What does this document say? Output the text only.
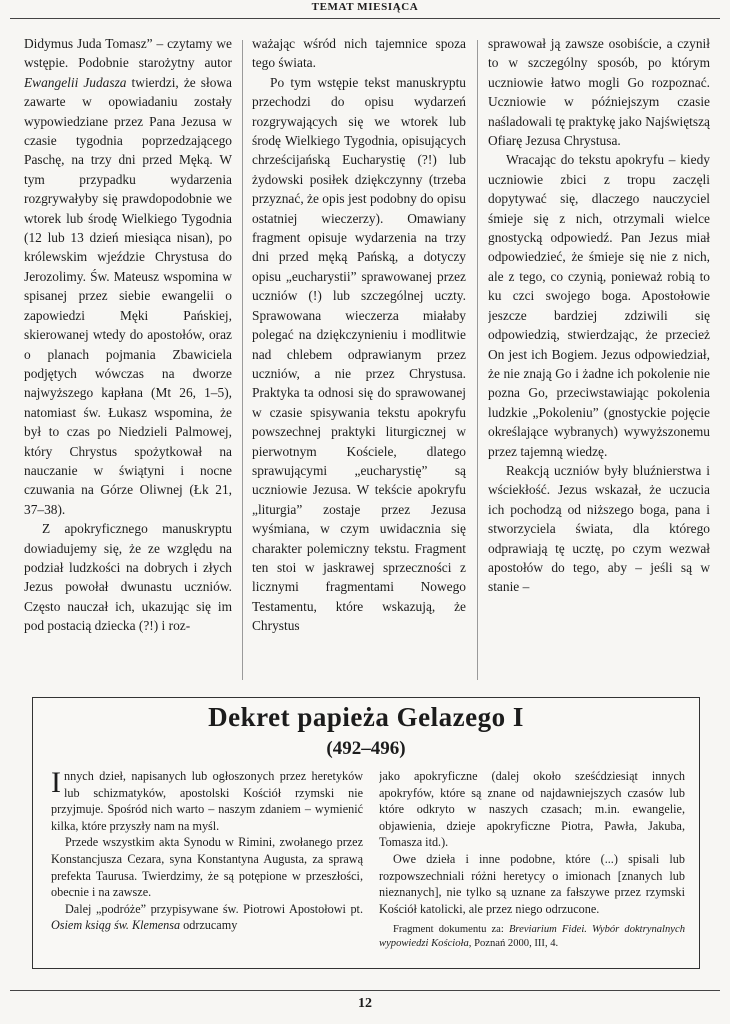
TEMAT MIESIĄCA

Didymus Juda Tomasz” – czytamy we wstępie. Podobnie starożytny autor Ewangelii Judasza twierdzi, że słowa zawarte w opowiadaniu zostały wypowiedziane przez Pana Jezusa w czasie tygodnia poprzedzającego Paschę, na trzy dni przed Męką. W tym przypadku wydarzenia rozgrywałyby się prawdopodobnie we wtorek lub środę Wielkiego Tygodnia (12 lub 13 dzień miesiąca nisan), po królewskim wjeździe Chrystusa do Jerozolimy. Św. Mateusz wspomina w spisanej przez siebie ewangelii o zapowiedzi Męki Pańskiej, skierowanej wtedy do apostołów, oraz o planach pojmania Zbawiciela podjętych wówczas na dworze najwyższego kapłana (Mt 26, 1–5), natomiast św. Łukasz wspomina, że był to czas po Niedzieli Palmowej, który Chrystus spożytkował na nauczanie w świątyni i nocne czuwania na Górze Oliwnej (Łk 21, 37–38).

Z apokryficznego manuskryptu dowiadujemy się, że ze względu na podział ludzkości na dobrych i złych Jezus powołał dwunastu uczniów. Często nauczał ich, ukazując się im pod postacią dziecka (?!) i roz-

ważając wśród nich tajemnice spoza tego świata.

Po tym wstępie tekst manuskryptu przechodzi do opisu wydarzeń rozgrywających się we wtorek lub środę Wielkiego Tygodnia, opisujących chrześcijańską Eucharystię (?!) lub żydowski posiłek dziękczynny (trzeba przyznać, że opis jest podobny do opisu ostatniej wieczerzy). Omawiany fragment opisuje wydarzenia na trzy dni przed męką Pańską, a dotyczy opisu „eucharystii” sprawowanej przez uczniów (!) lub szczególnej uczty. Sprawowana wieczerza miałaby polegać na dziękczynieniu i modlitwie nad chlebem odprawianym przez uczniów, a nie przez Chrystusa. Praktyka ta odnosi się do sprawowanej w czasie spisywania tekstu apokryfu powszechnej praktyki liturgicznej w pierwotnym Kościele, dlatego sprawującymi „eucharystię” są uczniowie Jezusa. W tekście apokryfu „liturgia” zostaje przez Jezusa wyśmiana, w czym uwidacznia się charakter polemiczny tekstu. Fragment ten stoi w jaskrawej sprzeczności z licznymi fragmentami Nowego Testamentu, które wskazują, że Chrystus

sprawował ją zawsze osobiście, a czynił to w szczególny sposób, po którym uczniowie łatwo mogli Go rozpoznać. Uczniowie w późniejszym czasie naśladowali tę praktykę jako Najświętszą Ofiarę Jezusa Chrystusa.

Wracając do tekstu apokryfu – kiedy uczniowie zbici z tropu zaczęli dopytywać się, dlaczego nauczyciel śmieje się z nich, otrzymali wielce gnostycką odpowiedź. Pan Jezus miał odpowiedzieć, że śmieje się nie z nich, ale z tego, co czynią, ponieważ robią to ku czci swojego boga. Apostołowie jeszcze bardziej zdziwili się odpowiedzią, stwierdzając, że przecież On jest ich Bogiem. Jezus odpowiedział, że nie znają Go i żadne ich pokolenie nie pozna Go, przeciwstawiając pokolenia ludzkie „Pokoleniu” (gnostyckie pojęcie określające wybranych) wywyższonemu przez tajemną wiedzę.

Reakcją uczniów były bluźnierstwa i wściekłość. Jezus wskazał, że uczucia ich pochodzą od niższego boga, pana i stworzyciela świata, dla którego odprawiają tę ucztę, po czym wezwał apostołów do tego, aby – jeśli są w stanie –

Dekret papieża Gelazego I
(492–496)

Innych dzieł, napisanych lub ogłoszonych przez heretyków lub schizmatyków, apostolski Kościół rzymski nie przyjmuje. Spośród nich warto – naszym zdaniem – wymienić kilka, które przyszły nam na myśl.

Przede wszystkim akta Synodu w Rimini, zwołanego przez Konstancjusza Cezara, syna Konstantyna Augusta, za sprawą prefekta Taurusa. Twierdzimy, że są potępione w przeszłości, obecnie i na zawsze.

Dalej „podróże” przypisywane św. Piotrowi Apostołowi pt. Osiem ksiąg św. Klemensa odrzucamy

jako apokryficzne (dalej około sześćdziesiąt innych apokryfów, które są znane od najdawniejszych czasów lub które odkryto w naszych czasach; m.in. ewangelie, objawienia, dzieje apokryficzne Piotra, Pawła, Jakuba, Tomasza itd.).

Owe dzieła i inne podobne, które (...) spisali lub rozpowszechniali różni heretycy o imionach [znanych lub nieznanych], nie tylko są uznane za fałszywe przez rzymski Kościół katolicki, ale przez niego odrzucone.

Fragment dokumentu za: Breviarium Fidei. Wybór doktrynalnych wypowiedzi Kościoła, Poznań 2000, III, 4.

12
